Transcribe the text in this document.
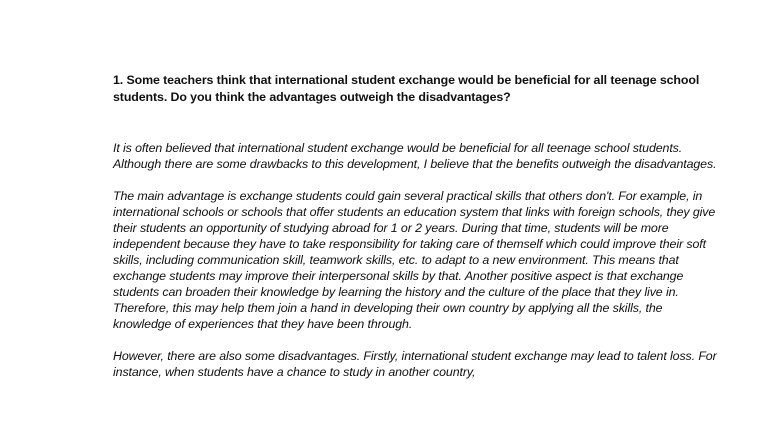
1. Some teachers think that international student exchange would be beneficial for all teenage school students. Do you think the advantages outweigh the disadvantages?

It is often believed that international student exchange would be beneficial for all teenage school students. Although there are some drawbacks to this development, I believe that the benefits outweigh the disadvantages.

The main advantage is exchange students could gain several practical skills that others don't. For example, in international schools or schools that offer students an education system that links with foreign schools, they give their students an opportunity of studying abroad for 1 or 2 years. During that time, students will be more independent because they have to take responsibility for taking care of themself which could improve their soft skills, including communication skill, teamwork skills, etc. to adapt to a new environment. This means that exchange students may improve their interpersonal skills by that. Another positive aspect is that exchange students can broaden their knowledge by learning the history and the culture of the place that they live in. Therefore, this may help them join a hand in developing their own country by applying all the skills, the knowledge of experiences that they have been through.

However, there are also some disadvantages. Firstly, international student exchange may lead to talent loss. For instance, when students have a chance to study in another country,
